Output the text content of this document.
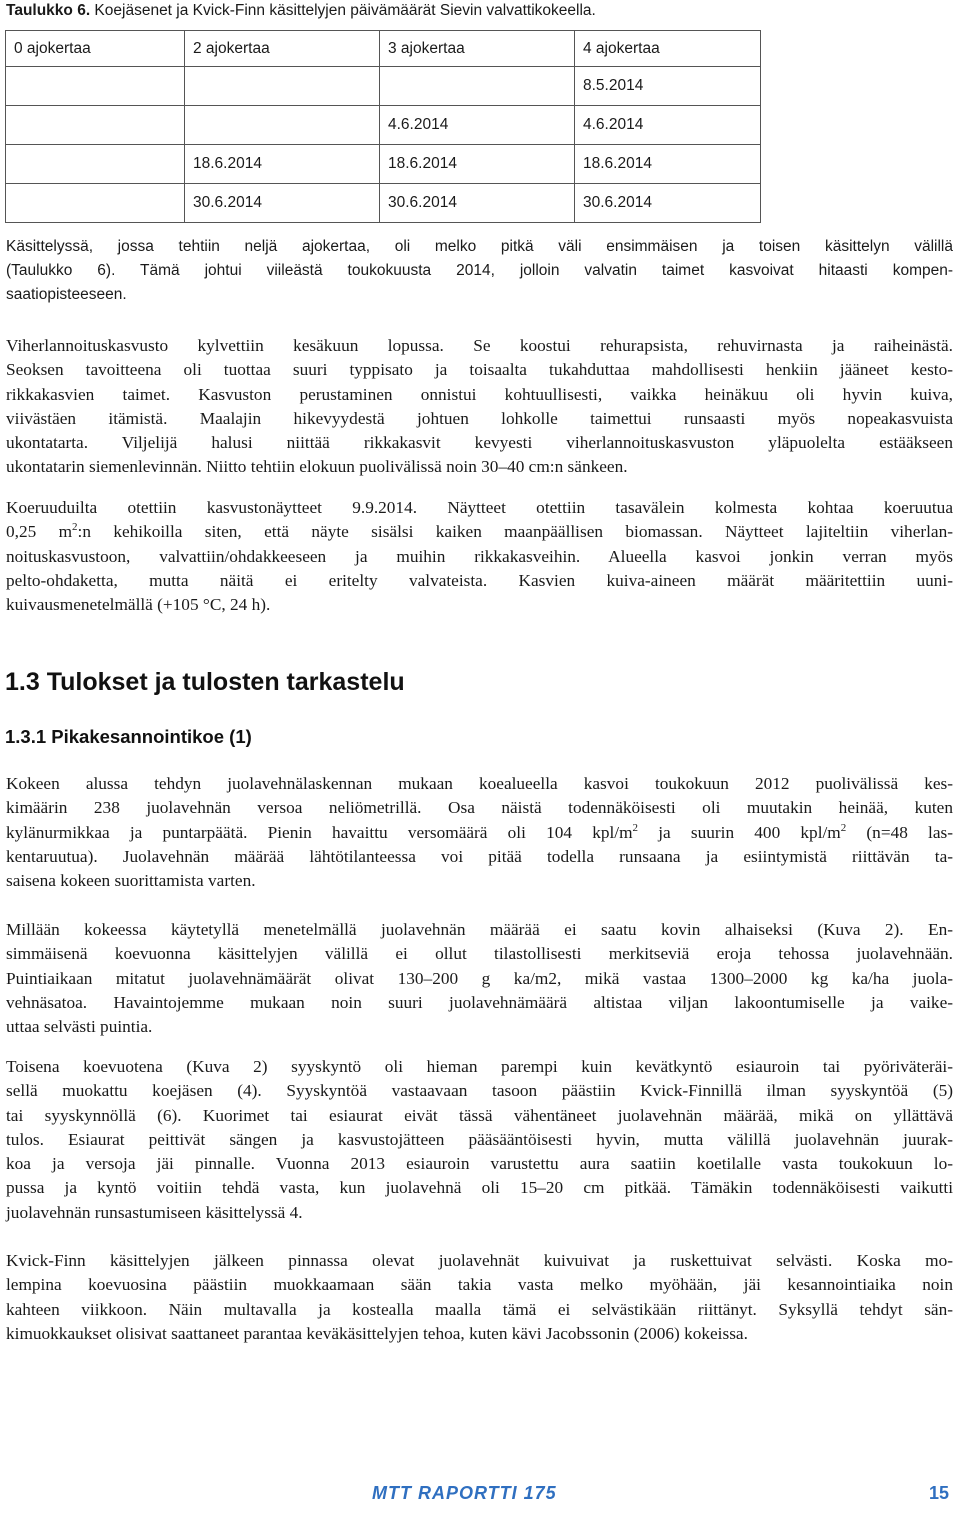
Taulukko 6. Koejäsenet ja Kvick-Finn käsittelyjen päivämäärät Sievin valvattikokeella.
0 ajokertaa	2 ajokertaa	3 ajokertaa	4 ajokertaa
			8.5.2014
		4.6.2014	4.6.2014
	18.6.2014	18.6.2014	18.6.2014
	30.6.2014	30.6.2014	30.6.2014

Käsittelyssä, jossa tehtiin neljä ajokertaa, oli melko pitkä väli ensimmäisen ja toisen käsittelyn välillä
(Taulukko 6). Tämä johtui viileästä toukokuusta 2014, jolloin valvatin taimet kasvoivat hitaasti kompen-
saatiopisteeseen.

Viherlannoituskasvusto kylvettiin kesäkuun lopussa. Se koostui rehurapsista, rehuvirnasta ja raiheinästä.
Seoksen tavoitteena oli tuottaa suuri typpisato ja toisaalta tukahduttaa mahdollisesti henkiin jääneet kesto-
rikkakasvien taimet. Kasvuston perustaminen onnistui kohtuullisesti, vaikka heinäkuu oli hyvin kuiva,
viivästäen itämistä. Maalajin hikevyydestä johtuen lohkolle taimettui runsaasti myös nopeakasvuista
ukontatarta. Viljelijä halusi niittää rikkakasvit kevyesti viherlannoituskasvuston yläpuolelta estääkseen
ukontatarin siemenlevinnän. Niitto tehtiin elokuun puolivälissä noin 30–40 cm:n sänkeen.

Koeruuduilta otettiin kasvustonäytteet 9.9.2014. Näytteet otettiin tasavälein kolmesta kohtaa koeruutua
0,25 $m^2:n$ kehikoilla siten, että näyte sisälsi kaiken maanpäällisen biomassan. Näytteet lajiteltiin viherlan-
noituskasvustoon, valvattiin/ohdakkeeseen ja muihin rikkakasveihin. Alueella kasvoi jonkin verran myös
pelto-ohdaketta, mutta näitä ei eritelty valvateista. Kasvien kuiva-aineen määrät määritettiin uuni-
kuivausmenetelmällä (+105 °C, 24 h).

1.3 Tulokset ja tulosten tarkastelu
1.3.1 Pikakesannointikoe (1)

Kokeen alussa tehdyn juolavehnälaskennan mukaan koealueella kasvoi toukokuun 2012 puolivälissä kes-
kimäärin 238 juolavehnän versoa neliömetrillä. Osa näistä todennäköisesti oli muutakin heinää, kuten
kylänurmikkaa ja puntarpäätä. Pienin havaittu versomäärä oli 104 kpl/$m^2$ ja suurin 400 kpl/$m^2$ (n=48 las-
kentaruutua). Juolavehnän määrää lähtötilanteessa voi pitää todella runsaana ja esiintymistä riittävän ta-
saisena kokeen suorittamista varten.

Millään kokeessa käytetyllä menetelmällä juolavehnän määrää ei saatu kovin alhaiseksi (Kuva 2). En-
simmäisenä koevuonna käsittelyjen välillä ei ollut tilastollisesti merkitseviä eroja tehossa juolavehnään.
Puintiaikaan mitatut juolavehnämäärät olivat 130–200 g ka/m2, mikä vastaa 1300–2000 kg ka/ha juola-
vehnäsatoa. Havaintojemme mukaan noin suuri juolavehnämäärä altistaa viljan lakoontumiselle ja vaike-
uttaa selvästi puintia.

Toisena koevuotena (Kuva 2) syyskyntö oli hieman parempi kuin kevätkyntö esiauroin tai pyöriväteräi-
sellä muokattu koejäsen (4). Syyskyntöä vastaavaan tasoon päästiin Kvick-Finnillä ilman syyskyntöä (5)
tai syyskynnöllä (6). Kuorimet tai esiaurat eivät tässä vähentäneet juolavehnän määrää, mikä on yllättävä
tulos. Esiaurat peittivät sängen ja kasvustojätteen pääsääntöisesti hyvin, mutta välillä juolavehnän juurak-
koa ja versoja jäi pinnalle. Vuonna 2013 esiauroin varustettu aura saatiin koetilalle vasta toukokuun lo-
pussa ja kyntö voitiin tehdä vasta, kun juolavehnä oli 15–20 cm pitkää. Tämäkin todennäköisesti vaikutti
juolavehnän runsastumiseen käsittelyssä 4.

Kvick-Finn käsittelyjen jälkeen pinnassa olevat juolavehnät kuivuivat ja ruskettuivat selvästi. Koska mo-
lempina koevuosina päästiin muokkaamaan sään takia vasta melko myöhään, jäi kesannointiaika noin
kahteen viikkoon. Näin multavalla ja kostealla maalla tämä ei selvästikään riittänyt. Syksyllä tehdyt sän-
kimuokkaukset olisivat saattaneet parantaa keväkäsittelyjen tehoa, kuten kävi Jacobssonin (2006) kokeissa.

MTT RAPORTTI 175	15
